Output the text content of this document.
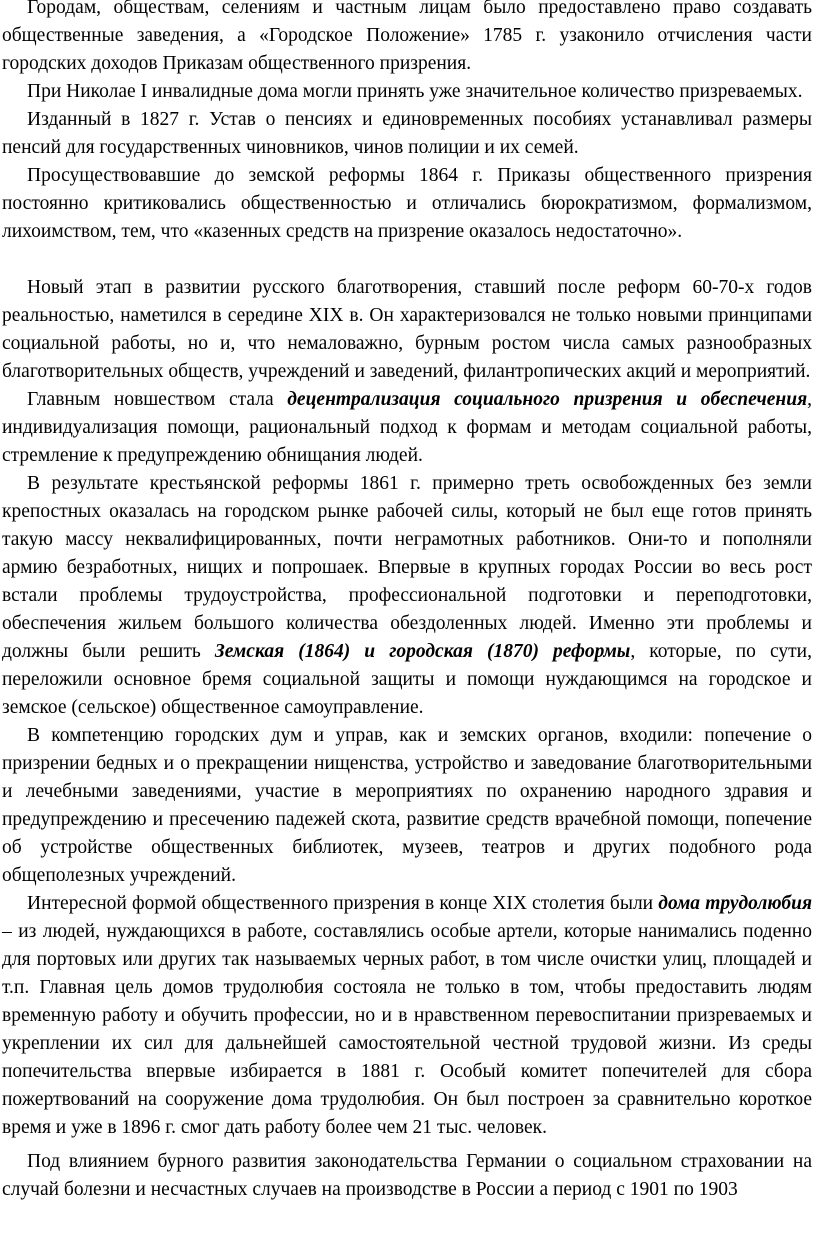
Городам, обществам, селениям и частным лицам было предоставлено право создавать общественные заведения, а «Городское Положение» 1785 г. узаконило отчисления части городских доходов Приказам общественного призрения.

При Николае I инвалидные дома могли принять уже значительное количество призреваемых.

Изданный в 1827 г. Устав о пенсиях и единовременных пособиях устанавливал размеры пенсий для государственных чиновников, чинов полиции и их семей.

Просуществовавшие до земской реформы 1864 г. Приказы общественного призрения постоянно критиковались общественностью и отличались бюрократизмом, формализмом, лихоимством, тем, что «казенных средств на призрение оказалось недостаточно».

Новый этап в развитии русского благотворения, ставший после реформ 60-70-х годов реальностью, наметился в середине XIX в. Он характеризовался не только новыми принципами социальной работы, но и, что немаловажно, бурным ростом числа самых разнообразных благотворительных обществ, учреждений и заведений, филантропических акций и мероприятий.

Главным новшеством стала децентрализация социального призрения и обеспечения, индивидуализация помощи, рациональный подход к формам и методам социальной работы, стремление к предупреждению обнищания людей.

В результате крестьянской реформы 1861 г. примерно треть освобожденных без земли крепостных оказалась на городском рынке рабочей силы, который не был еще готов принять такую массу неквалифицированных, почти неграмотных работников. Они-то и пополняли армию безработных, нищих и попрошаек. Впервые в крупных городах России во весь рост встали проблемы трудоустройства, профессиональной подготовки и переподготовки, обеспечения жильем большого количества обездоленных людей. Именно эти проблемы и должны были решить Земская (1864) и городская (1870) реформы, которые, по сути, переложили основное бремя социальной защиты и помощи нуждающимся на городское и земское (сельское) общественное самоуправление.

В компетенцию городских дум и управ, как и земских органов, входили: попечение о призрении бедных и о прекращении нищенства, устройство и заведование благотворительными и лечебными заведениями, участие в мероприятиях по охранению народного здравия и предупреждению и пресечению падежей скота, развитие средств врачебной помощи, попечение об устройстве общественных библиотек, музеев, театров и других подобного рода общеполезных учреждений.

Интересной формой общественного призрения в конце XIX столетия были дома трудолюбия – из людей, нуждающихся в работе, составлялись особые артели, которые нанимались поденно для портовых или других так называемых черных работ, в том числе очистки улиц, площадей и т.п. Главная цель домов трудолюбия состояла не только в том, чтобы предоставить людям временную работу и обучить профессии, но и в нравственном перевоспитании призреваемых и укреплении их сил для дальнейшей самостоятельной честной трудовой жизни. Из среды попечительства впервые избирается в 1881 г. Особый комитет попечителей для сбора пожертвований на сооружение дома трудолюбия. Он был построен за сравнительно короткое время и уже в 1896 г. смог дать работу более чем 21 тыс. человек.

Под влиянием бурного развития законодательства Германии о социальном страховании на случай болезни и несчастных случаев на производстве в России а период с 1901 по 1903
